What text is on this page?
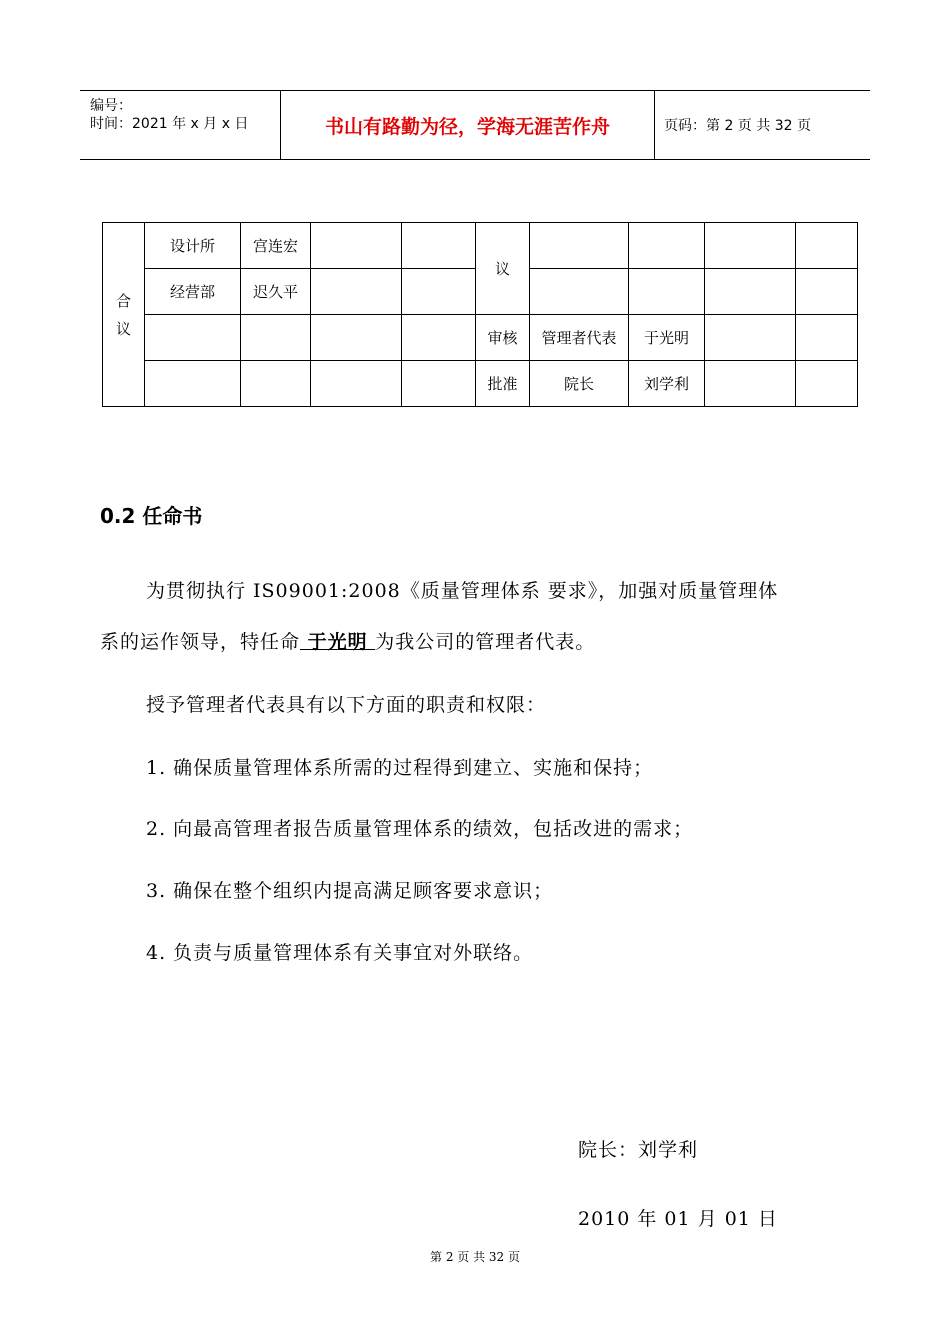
编号：
时间：2021 年 x 月 x 日	书山有路勤为径，学海无涯苦作舟	页码：第 2 页 共 32 页
合议	设计所	宫连宏			议				
	经营部	迟久平							
					审核	管理者代表	于光明		
					批准	院长	刘学利		
0.2 任命书
为贯彻执行 IS09001:2008《质量管理体系 要求》，加强对质量管理体
系的运作领导，特任命 于光明 为我公司的管理者代表。
授予管理者代表具有以下方面的职责和权限：
1. 确保质量管理体系所需的过程得到建立、实施和保持；
2. 向最高管理者报告质量管理体系的绩效，包括改进的需求；
3. 确保在整个组织内提高满足顾客要求意识；
4. 负责与质量管理体系有关事宜对外联络。
院长：刘学利
2010 年 01 月 01 日
第 2 页 共 32 页
